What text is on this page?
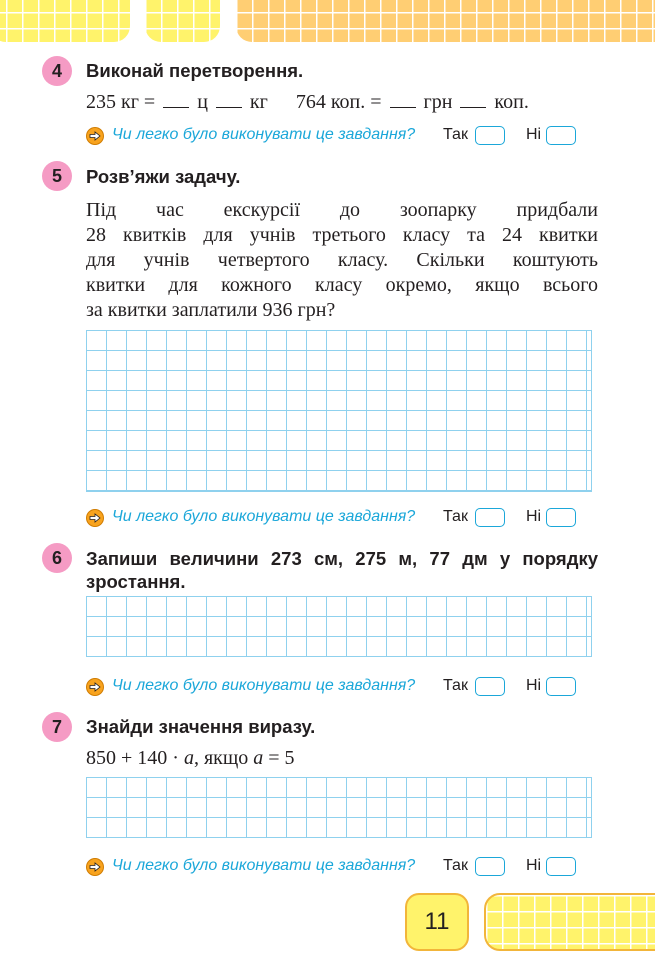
4	Виконай перетворення.
235 кг = ц кг 764 коп. = грн коп.
Чи легко було виконувати це завдання? Так	Ні
5	Розв’яжи задачу.
Під час екскурсії до зоопарку придбали
28 квитків для учнів третього класу та 24 квитки
для учнів четвертого класу. Скільки коштують
квитки для кожного класу окремо, якщо всього
за квитки заплатили 936 грн?
Чи легко було виконувати це завдання? Так	Ні
6	Запиши величини 273 см, 275 м, 77 дм у порядку
зростання.
Чи легко було виконувати це завдання? Так	Ні
7	Знайди значення виразу.
850 + 140 · a, якщо a = 5
Чи легко було виконувати це завдання? Так	Ні
11
